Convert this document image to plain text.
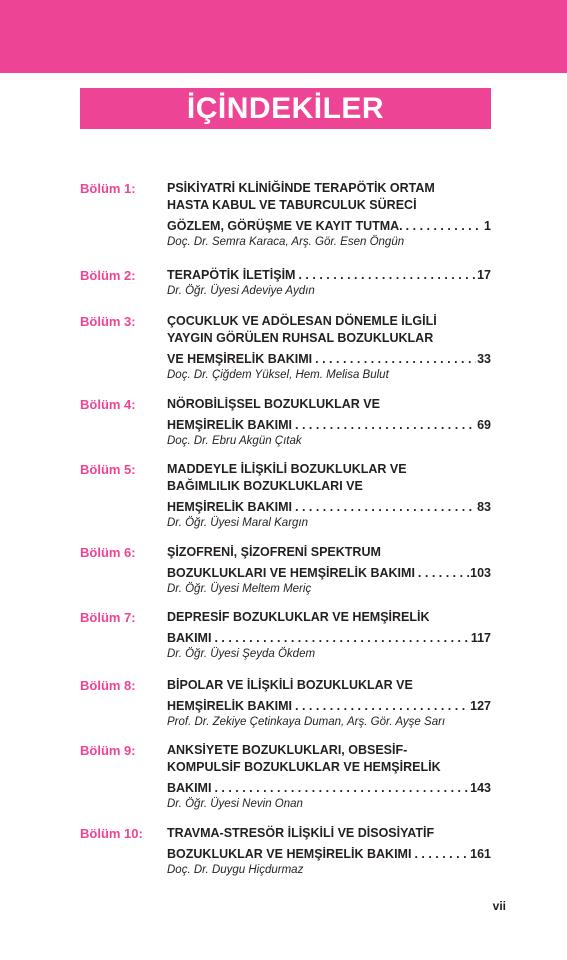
İÇİNDEKİLER
Bölüm 1:	PSİKİYATRİ KLİNİĞİNDE TERAPÖTİK ORTAM
HASTA KABUL VE TABURCULUK SÜRECİ
GÖZLEM, GÖRÜŞME VE KAYIT TUTMA. . . .	1
Doç. Dr. Semra Karaca, Arş. Gör. Esen Öngün
Bölüm 2:	TERAPÖTİK İLETİŞİM . . .	17
Dr. Öğr. Üyesi Adeviye Aydın
Bölüm 3:	ÇOCUKLUK VE ADÖLESAN DÖNEMLE İLGİLİ
YAYGIN GÖRÜLEN RUHSAL BOZUKLUKLAR
VE HEMŞİRELİK BAKIMI . . .	33
Doç. Dr. Çiğdem Yüksel, Hem. Melisa Bulut
Bölüm 4:	NÖROBİLİŞSEL BOZUKLUKLAR VE
HEMŞİRELİK BAKIMI . . .	69
Doç. Dr. Ebru Akgün Çıtak
Bölüm 5:	MADDEYLE İLİŞKİLİ BOZUKLUKLAR VE
BAĞIMLILIK BOZUKLUKLARI VE
HEMŞİRELİK BAKIMI . . .	83
Dr. Öğr. Üyesi Maral Kargın
Bölüm 6:	ŞİZOFRENİ, ŞİZOFRENİ SPEKTRUM
BOZUKLUKLARI VE HEMŞİRELİK BAKIMI . . .	103
Dr. Öğr. Üyesi Meltem Meriç
Bölüm 7:	DEPRESİF BOZUKLUKLAR VE HEMŞİRELİK
BAKIMI . . .	117
Dr. Öğr. Üyesi Şeyda Ökdem
Bölüm 8:	BİPOLAR VE İLİŞKİLİ BOZUKLUKLAR VE
HEMŞİRELİK BAKIMI . . .	127
Prof. Dr. Zekiye Çetinkaya Duman, Arş. Gör. Ayşe Sarı
Bölüm 9:	ANKSİYETE BOZUKLUKLARI, OBSESİF-
KOMPULSİF BOZUKLUKLAR VE HEMŞİRELİK
BAKIMI . . .	143
Dr. Öğr. Üyesi Nevin Onan
Bölüm 10:	TRAVMA-STRESÖR İLİŞKİLİ VE DİSOSİYATİF
BOZUKLUKLAR VE HEMŞİRELİK BAKIMI . . .	161
Doç. Dr. Duygu Hiçdurmaz
vii
